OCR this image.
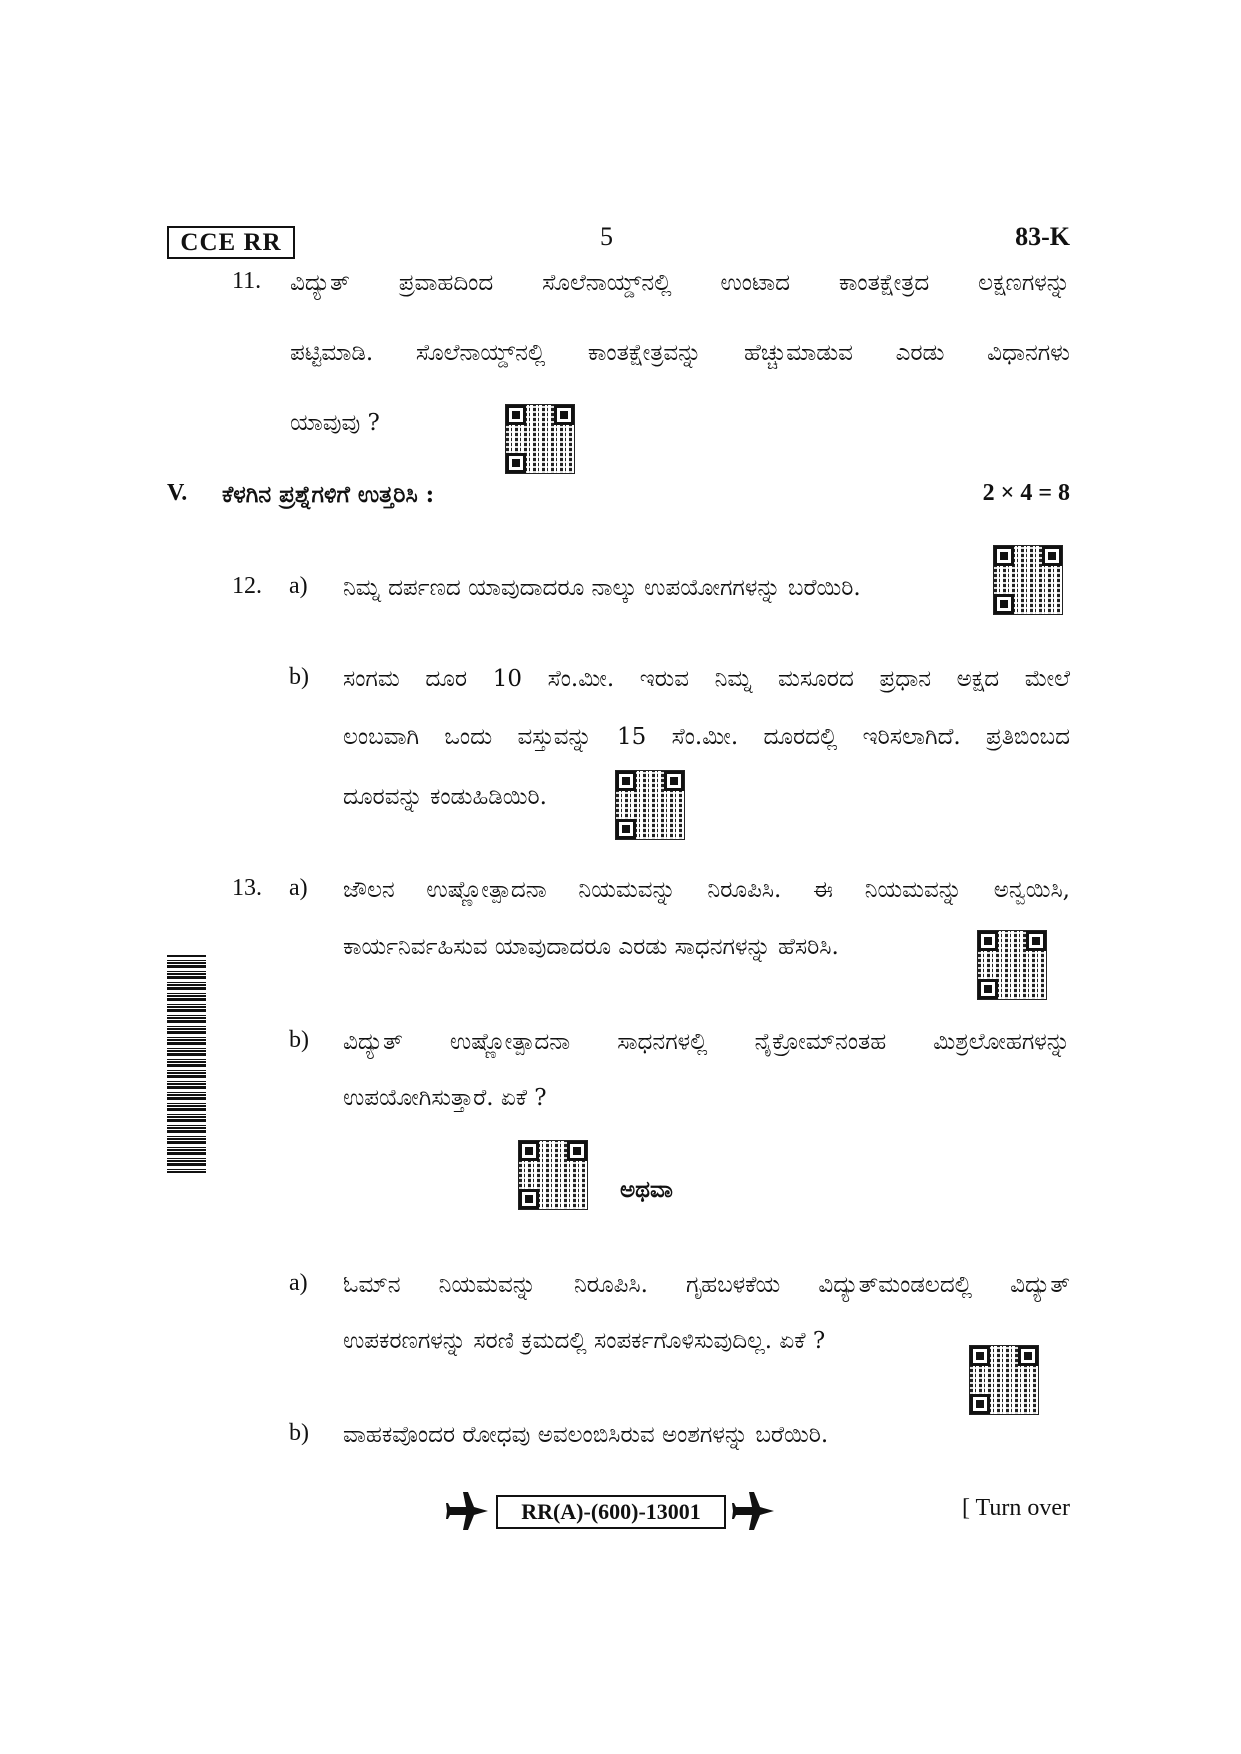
CCE RR	5	83-K
11. ವಿದ್ಯುತ್ ಪ್ರವಾಹದಿಂದ ಸೊಲೆನಾಯ್ಡ್‌ನಲ್ಲಿ ಉಂಟಾದ ಕಾಂತಕ್ಷೇತ್ರದ ಲಕ್ಷಣಗಳನ್ನು
ಪಟ್ಟಿಮಾಡಿ. ಸೊಲೆನಾಯ್ಡ್‌ನಲ್ಲಿ ಕಾಂತಕ್ಷೇತ್ರವನ್ನು ಹೆಚ್ಚುಮಾಡುವ ಎರಡು ವಿಧಾನಗಳು
ಯಾವುವು ?
V. ಕೆಳಗಿನ ಪ್ರಶ್ನೆಗಳಿಗೆ ಉತ್ತರಿಸಿ :	2 × 4 = 8
12. a) ನಿಮ್ನ ದರ್ಪಣದ ಯಾವುದಾದರೂ ನಾಲ್ಕು ಉಪಯೋಗಗಳನ್ನು ಬರೆಯಿರಿ.
b) ಸಂಗಮ ದೂರ 10 ಸೆಂ.ಮೀ. ಇರುವ ನಿಮ್ನ ಮಸೂರದ ಪ್ರಧಾನ ಅಕ್ಷದ ಮೇಲೆ
ಲಂಬವಾಗಿ ಒಂದು ವಸ್ತುವನ್ನು 15 ಸೆಂ.ಮೀ. ದೂರದಲ್ಲಿ ಇರಿಸಲಾಗಿದೆ. ಪ್ರತಿಬಿಂಬದ
ದೂರವನ್ನು ಕಂಡುಹಿಡಿಯಿರಿ.
13. a) ಜೌಲನ ಉಷ್ಣೋತ್ಪಾದನಾ ನಿಯಮವನ್ನು ನಿರೂಪಿಸಿ. ಈ ನಿಯಮವನ್ನು ಅನ್ವಯಿಸಿ,
ಕಾರ್ಯನಿರ್ವಹಿಸುವ ಯಾವುದಾದರೂ ಎರಡು ಸಾಧನಗಳನ್ನು ಹೆಸರಿಸಿ.
b) ವಿದ್ಯುತ್ ಉಷ್ಣೋತ್ಪಾದನಾ ಸಾಧನಗಳಲ್ಲಿ ನೈಕ್ರೋಮ್‌ನಂತಹ ಮಿಶ್ರಲೋಹಗಳನ್ನು
ಉಪಯೋಗಿಸುತ್ತಾರೆ. ಏಕೆ ?
ಅಥವಾ
a) ಓಮ್‌ನ ನಿಯಮವನ್ನು ನಿರೂಪಿಸಿ. ಗೃಹಬಳಕೆಯ ವಿದ್ಯುತ್‌ಮಂಡಲದಲ್ಲಿ ವಿದ್ಯುತ್
ಉಪಕರಣಗಳನ್ನು ಸರಣಿ ಕ್ರಮದಲ್ಲಿ ಸಂಪರ್ಕಗೊಳಿಸುವುದಿಲ್ಲ. ಏಕೆ ?
b) ವಾಹಕವೊಂದರ ರೋಧವು ಅವಲಂಬಿಸಿರುವ ಅಂಶಗಳನ್ನು ಬರೆಯಿರಿ.
RR(A)-(600)-13001	[ Turn over
